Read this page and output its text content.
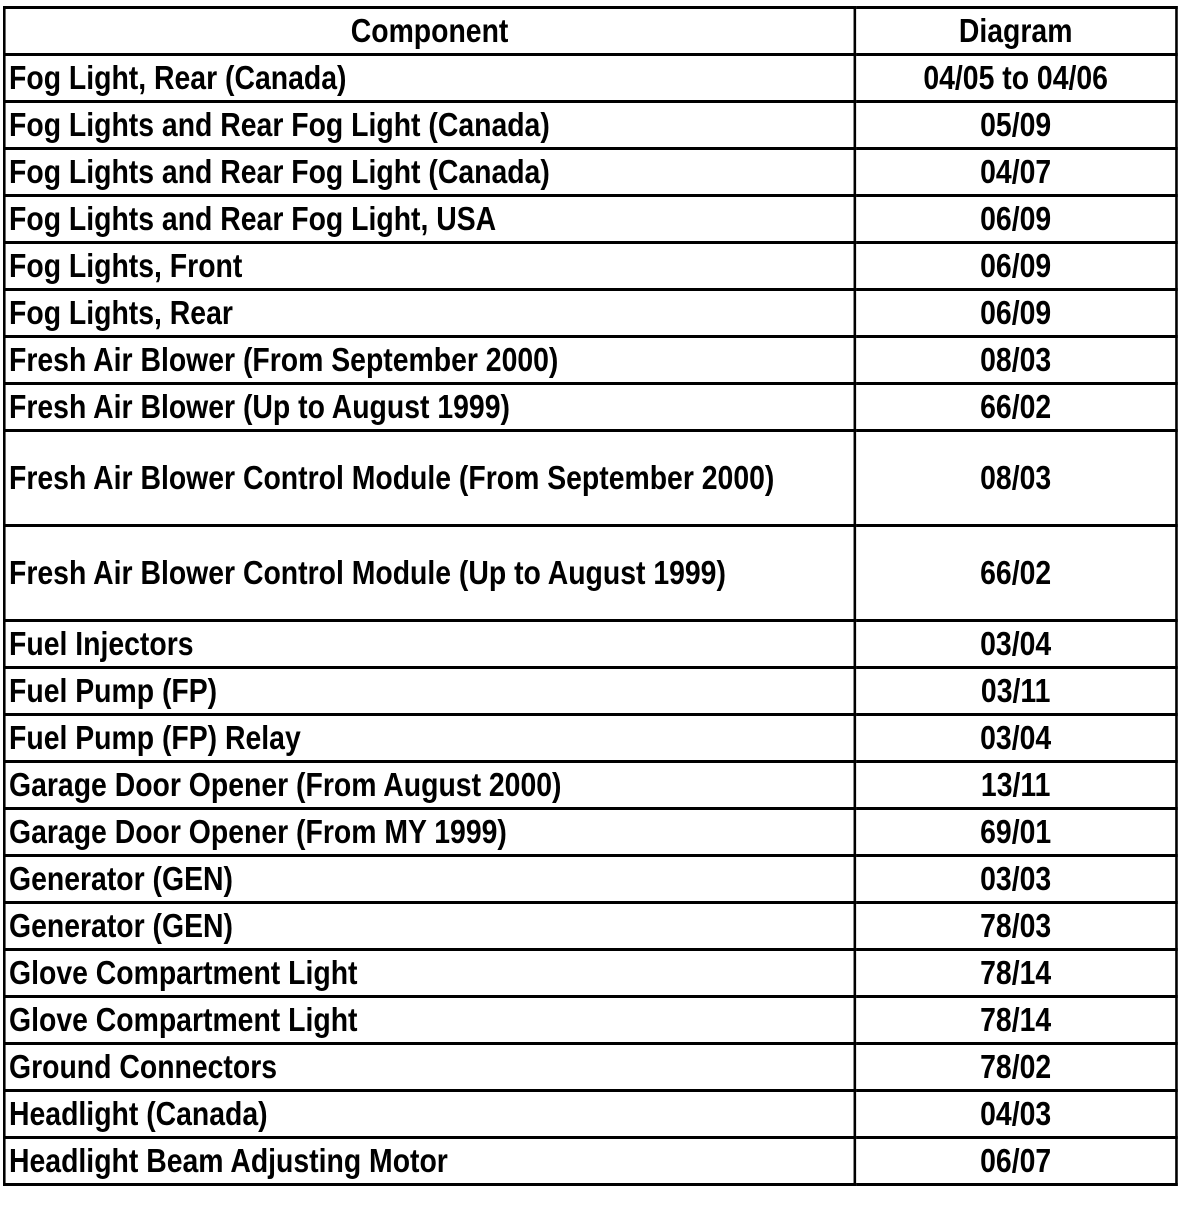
Component	Diagram
Fog Light, Rear (Canada)	04/05 to 04/06
Fog Lights and Rear Fog Light (Canada)	05/09
Fog Lights and Rear Fog Light (Canada)	04/07
Fog Lights and Rear Fog Light, USA	06/09
Fog Lights, Front	06/09
Fog Lights, Rear	06/09
Fresh Air Blower (From September 2000)	08/03
Fresh Air Blower (Up to August 1999)	66/02
Fresh Air Blower Control Module (From September 2000)	08/03
Fresh Air Blower Control Module (Up to August 1999)	66/02
Fuel Injectors	03/04
Fuel Pump (FP)	03/11
Fuel Pump (FP) Relay	03/04
Garage Door Opener (From August 2000)	13/11
Garage Door Opener (From MY 1999)	69/01
Generator (GEN)	03/03
Generator (GEN)	78/03
Glove Compartment Light	78/14
Glove Compartment Light	78/14
Ground Connectors	78/02
Headlight (Canada)	04/03
Headlight Beam Adjusting Motor	06/07
